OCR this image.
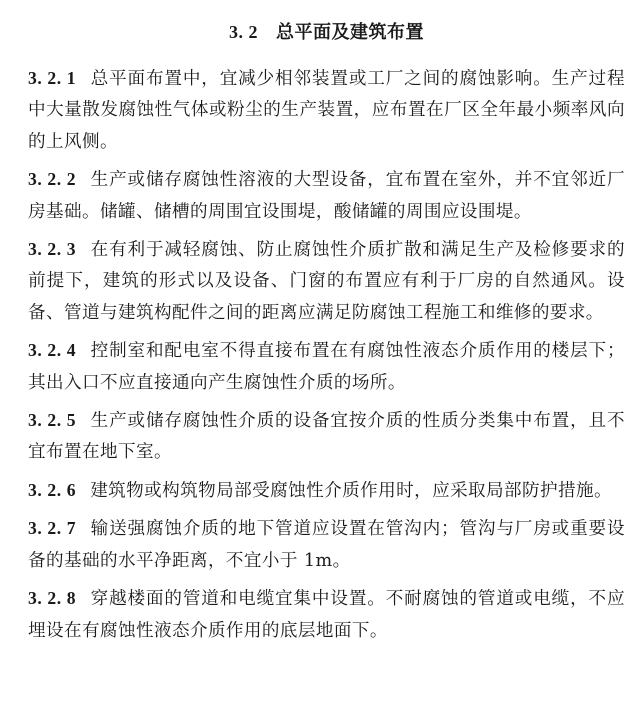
3. 2 总平面及建筑布置

3. 2. 1 总平面布置中，宜减少相邻装置或工厂之间的腐蚀影响。生产过程中大量散发腐蚀性气体或粉尘的生产装置，应布置在厂区全年最小频率风向的上风侧。

3. 2. 2 生产或储存腐蚀性溶液的大型设备，宜布置在室外，并不宜邻近厂房基础。储罐、储槽的周围宜设围堤，酸储罐的周围应设围堤。

3. 2. 3 在有利于减轻腐蚀、防止腐蚀性介质扩散和满足生产及检修要求的前提下，建筑的形式以及设备、门窗的布置应有利于厂房的自然通风。设备、管道与建筑构配件之间的距离应满足防腐蚀工程施工和维修的要求。

3. 2. 4 控制室和配电室不得直接布置在有腐蚀性液态介质作用的楼层下；其出入口不应直接通向产生腐蚀性介质的场所。

3. 2. 5 生产或储存腐蚀性介质的设备宜按介质的性质分类集中布置，且不宜布置在地下室。

3. 2. 6 建筑物或构筑物局部受腐蚀性介质作用时，应采取局部防护措施。

3. 2. 7 输送强腐蚀介质的地下管道应设置在管沟内；管沟与厂房或重要设备的基础的水平净距离，不宜小于 1m。

3. 2. 8 穿越楼面的管道和电缆宜集中设置。不耐腐蚀的管道或电缆，不应埋设在有腐蚀性液态介质作用的底层地面下。
